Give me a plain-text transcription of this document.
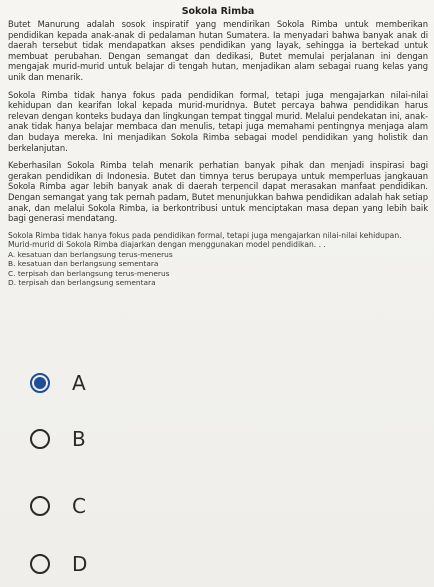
Sokola Rimba

Butet Manurung adalah sosok inspiratif yang mendirikan Sokola Rimba untuk memberikan pendidikan kepada anak-anak di pedalaman hutan Sumatera. Ia menyadari bahwa banyak anak di daerah tersebut tidak mendapatkan akses pendidikan yang layak, sehingga ia bertekad untuk membuat perubahan. Dengan semangat dan dedikasi, Butet memulai perjalanan ini dengan mengajak murid-murid untuk belajar di tengah hutan, menjadikan alam sebagai ruang kelas yang unik dan menarik.

Sokola Rimba tidak hanya fokus pada pendidikan formal, tetapi juga mengajarkan nilai-nilai kehidupan dan kearifan lokal kepada murid-muridnya. Butet percaya bahwa pendidikan harus relevan dengan konteks budaya dan lingkungan tempat tinggal murid. Melalui pendekatan ini, anak-anak tidak hanya belajar membaca dan menulis, tetapi juga memahami pentingnya menjaga alam dan budaya mereka. Ini menjadikan Sokola Rimba sebagai model pendidikan yang holistik dan berkelanjutan.

Keberhasilan Sokola Rimba telah menarik perhatian banyak pihak dan menjadi inspirasi bagi gerakan pendidikan di Indonesia. Butet dan timnya terus berupaya untuk memperluas jangkauan Sokola Rimba agar lebih banyak anak di daerah terpencil dapat merasakan manfaat pendidikan. Dengan semangat yang tak pernah padam, Butet menunjukkan bahwa pendidikan adalah hak setiap anak, dan melalui Sokola Rimba, ia berkontribusi untuk menciptakan masa depan yang lebih baik bagi generasi mendatang.

Sokola Rimba tidak hanya fokus pada pendidikan formal, tetapi juga mengajarkan nilai-nilai kehidupan. Murid-murid di Sokola Rimba diajarkan dengan menggunakan model pendidikan. . .

A. kesatuan dan berlangsung terus-menerus

B. kesatuan dan berlangsung sementara

C. terpisah dan berlangsung terus-menerus

D. terpisah dan berlangsung sementara

A
B
C
D
